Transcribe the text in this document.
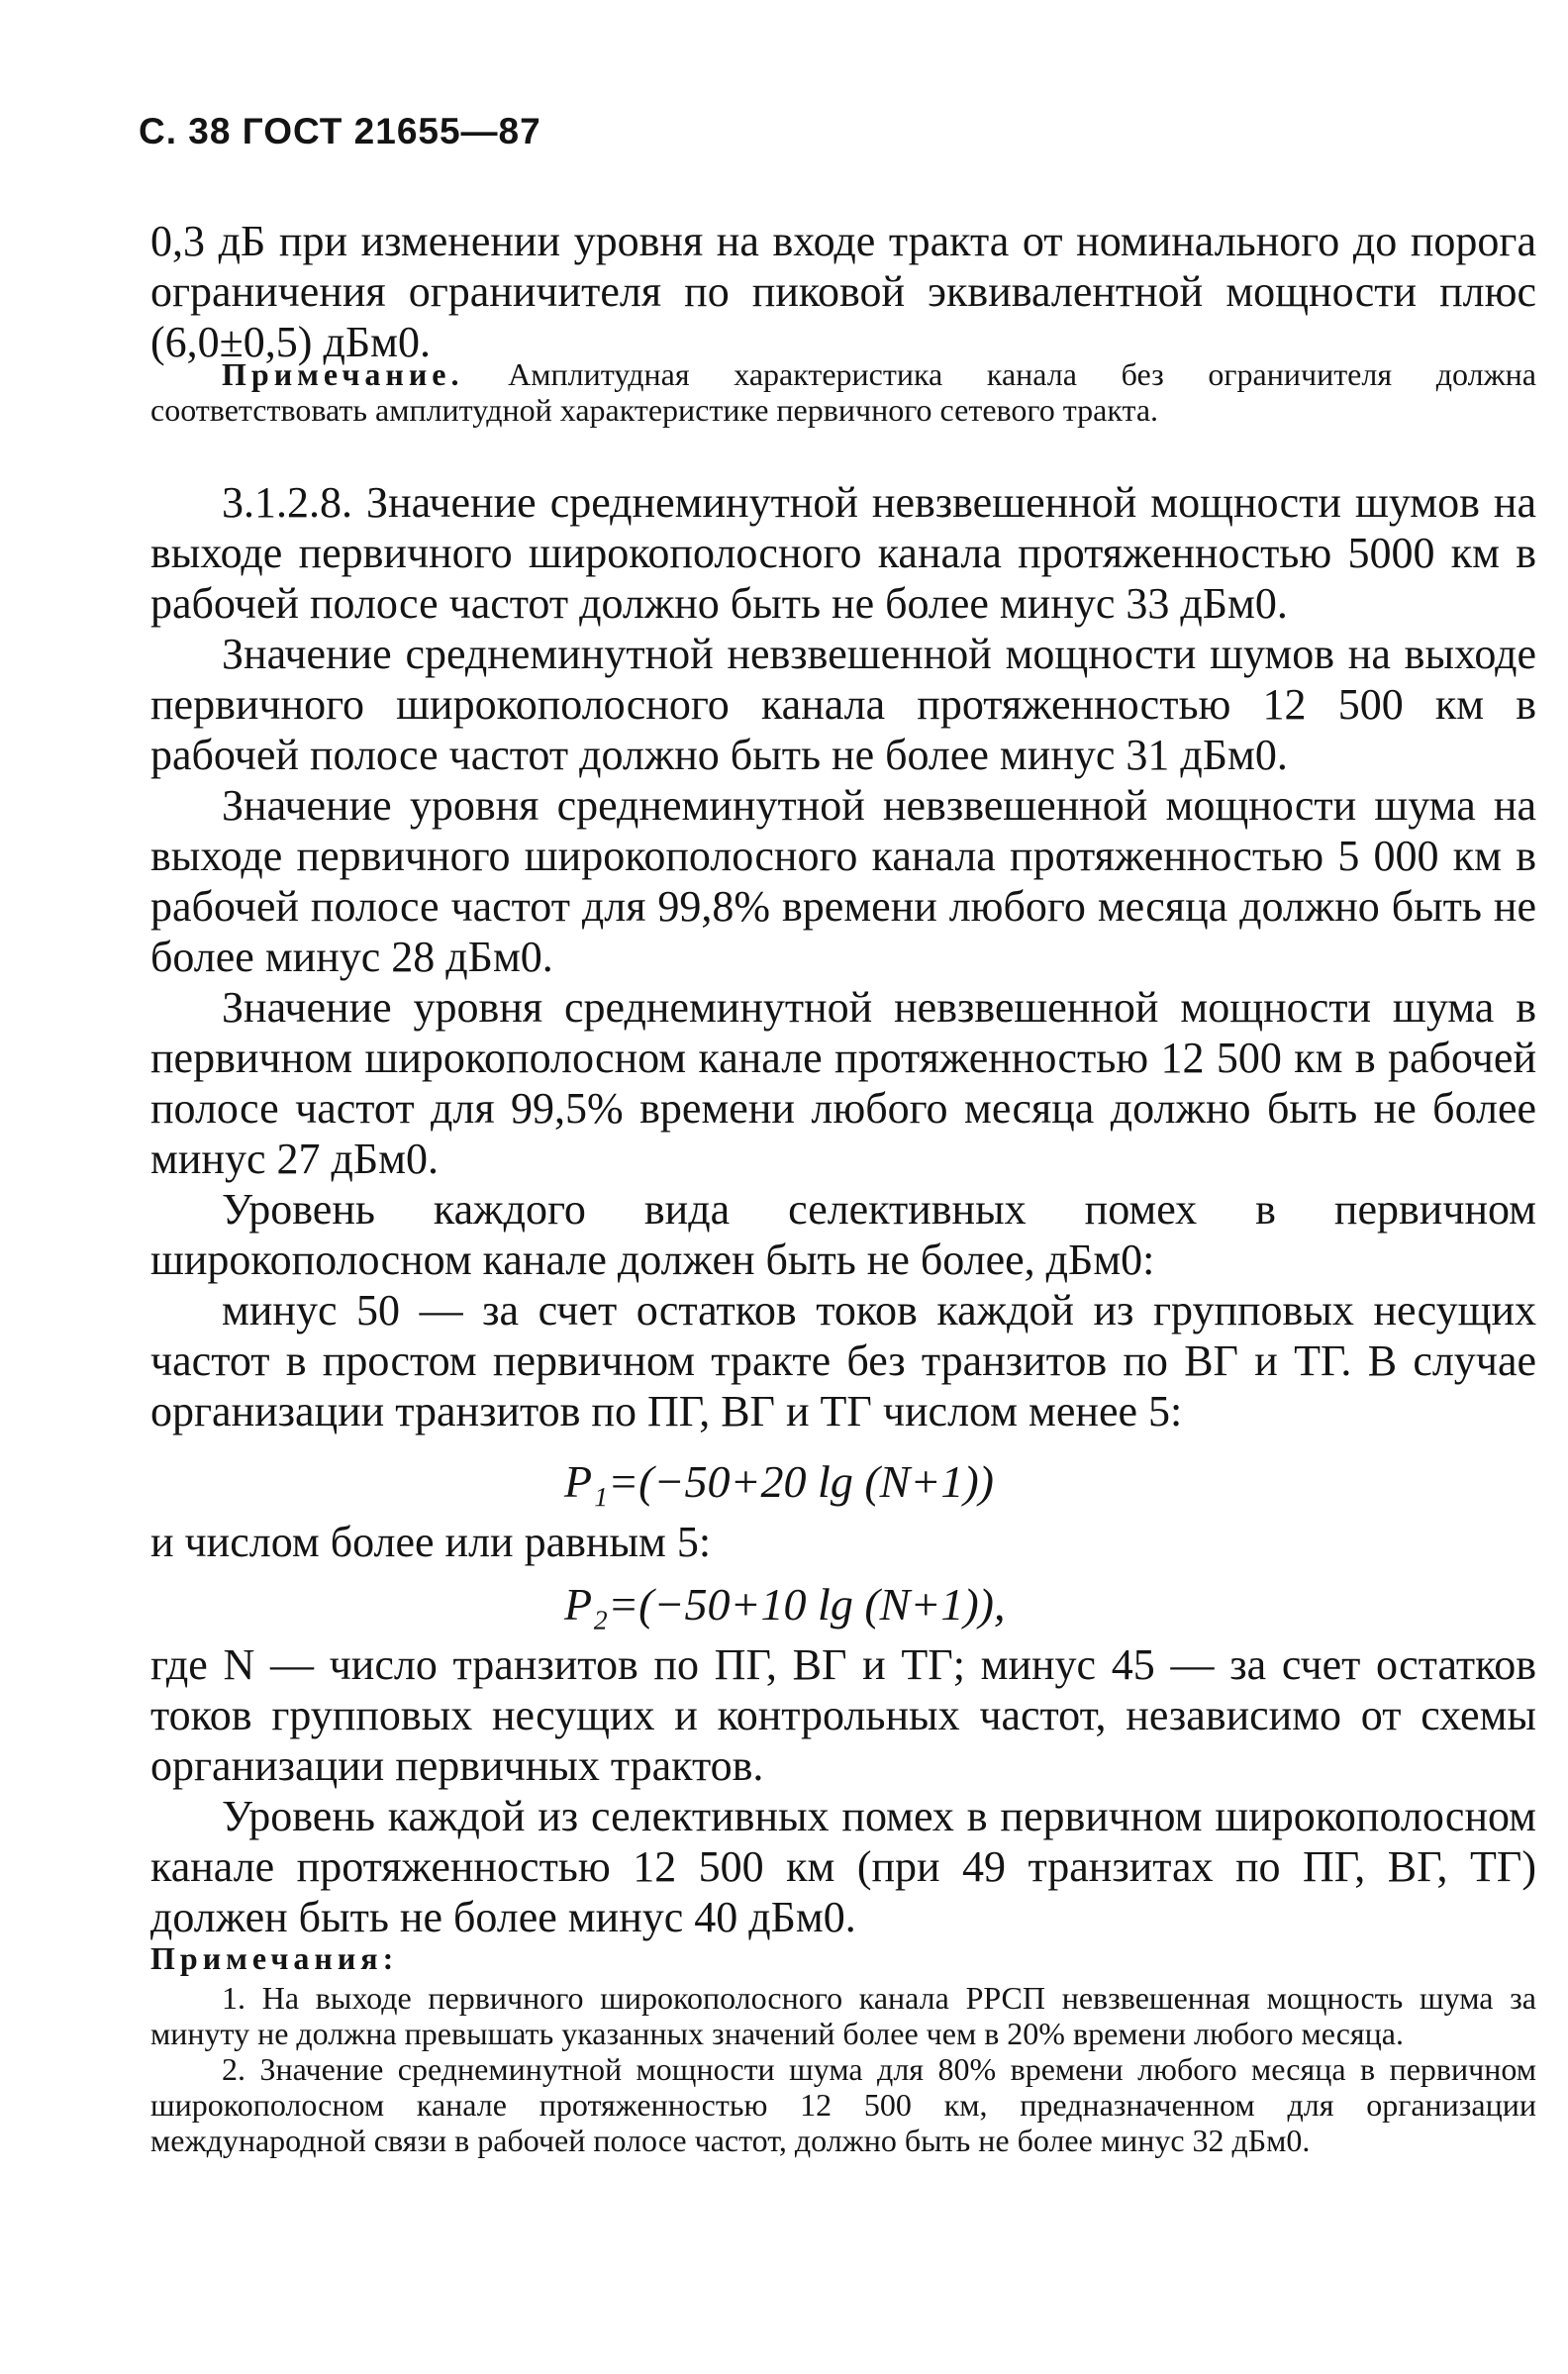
С. 38 ГОСТ 21655—87

0,3 дБ при изменении уровня на входе тракта от номинального до порога ограничения ограничителя по пиковой эквивалентной мощности плюс (6,0±0,5) дБм0.

Примечание. Амплитудная характеристика канала без ограничителя должна соответствовать амплитудной характеристике первичного сетевого тракта.

3.1.2.8. Значение среднеминутной невзвешенной мощности шумов на выходе первичного широкополосного канала протяженностью 5000 км в рабочей полосе частот должно быть не более минус 33 дБм0.

Значение среднеминутной невзвешенной мощности шумов на выходе первичного широкополосного канала протяженностью 12 500 км в рабочей полосе частот должно быть не более минус 31 дБм0.

Значение уровня среднеминутной невзвешенной мощности шума на выходе первичного широкополосного канала протяженностью 5 000 км в рабочей полосе частот для 99,8% времени любого месяца должно быть не более минус 28 дБм0.

Значение уровня среднеминутной невзвешенной мощности шума в первичном широкополосном канале протяженностью 12 500 км в рабочей полосе частот для 99,5% времени любого месяца должно быть не более минус 27 дБм0.

Уровень каждого вида селективных помех в первичном широкополосном канале должен быть не более, дБм0:

минус 50 — за счет остатков токов каждой из групповых несущих частот в простом первичном тракте без транзитов по ВГ и ТГ. В случае организации транзитов по ПГ, ВГ и ТГ числом менее 5:

P₁=(−50+20 lg (N+1))

и числом более или равным 5:

P₂=(−50+10 lg (N+1)),

где N — число транзитов по ПГ, ВГ и ТГ; минус 45 — за счет остатков токов групповых несущих и контрольных частот, независимо от схемы организации первичных трактов.

Уровень каждой из селективных помех в первичном широкополосном канале протяженностью 12 500 км (при 49 транзитах по ПГ, ВГ, ТГ) должен быть не более минус 40 дБм0.

Примечания:

1. На выходе первичного широкополосного канала РРСП невзвешенная мощность шума за минуту не должна превышать указанных значений более чем в 20% времени любого месяца.

2. Значение среднеминутной мощности шума для 80% времени любого месяца в первичном широкополосном канале протяженностью 12 500 км, предназначенном для организации международной связи в рабочей полосе частот, должно быть не более минус 32 дБм0.
